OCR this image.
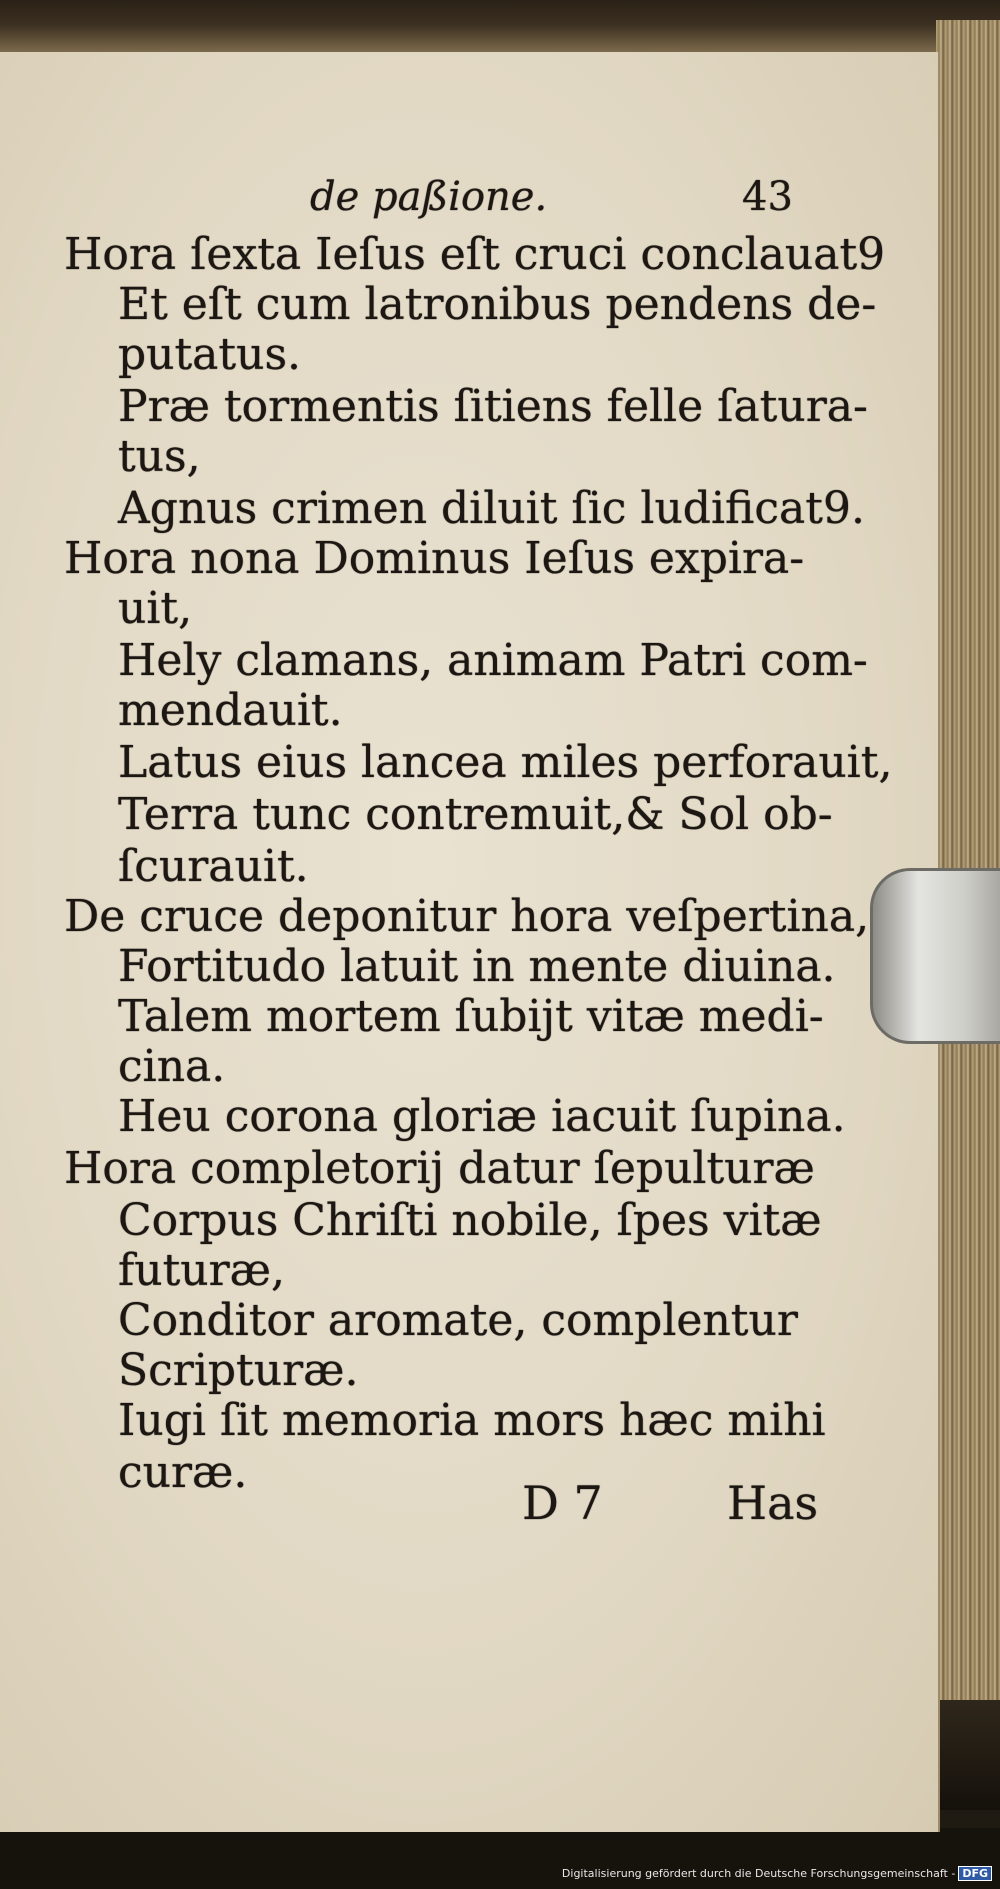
de paßione.	43
Hora ſexta Ieſus eſt cruci conclauat9
Et eſt cum latronibus pendens de-
putatus.
Præ tormentis ſitiens felle ſatura-
tus,
Agnus crimen diluit ſic ludificat9.
Hora nona Dominus Ieſus expira-
uit,
Hely clamans, animam Patri com-
mendauit.
Latus eius lancea miles perforauit,
Terra tunc contremuit,& Sol ob-
ſcurauit.
De cruce deponitur hora veſpertina,
Fortitudo latuit in mente diuina.
Talem mortem ſubijt vitæ medi-
cina.
Heu corona gloriæ iacuit ſupina.
Hora completorij datur ſepulturæ
Corpus Chriſti nobile, ſpes vitæ
futuræ,
Conditor aromate, complentur
Scripturæ.
Iugi ſit memoria mors hæc mihi
curæ.
D 7	Has
Digitalisierung gefördert durch die Deutsche Forschungsgemeinschaft - DFG
